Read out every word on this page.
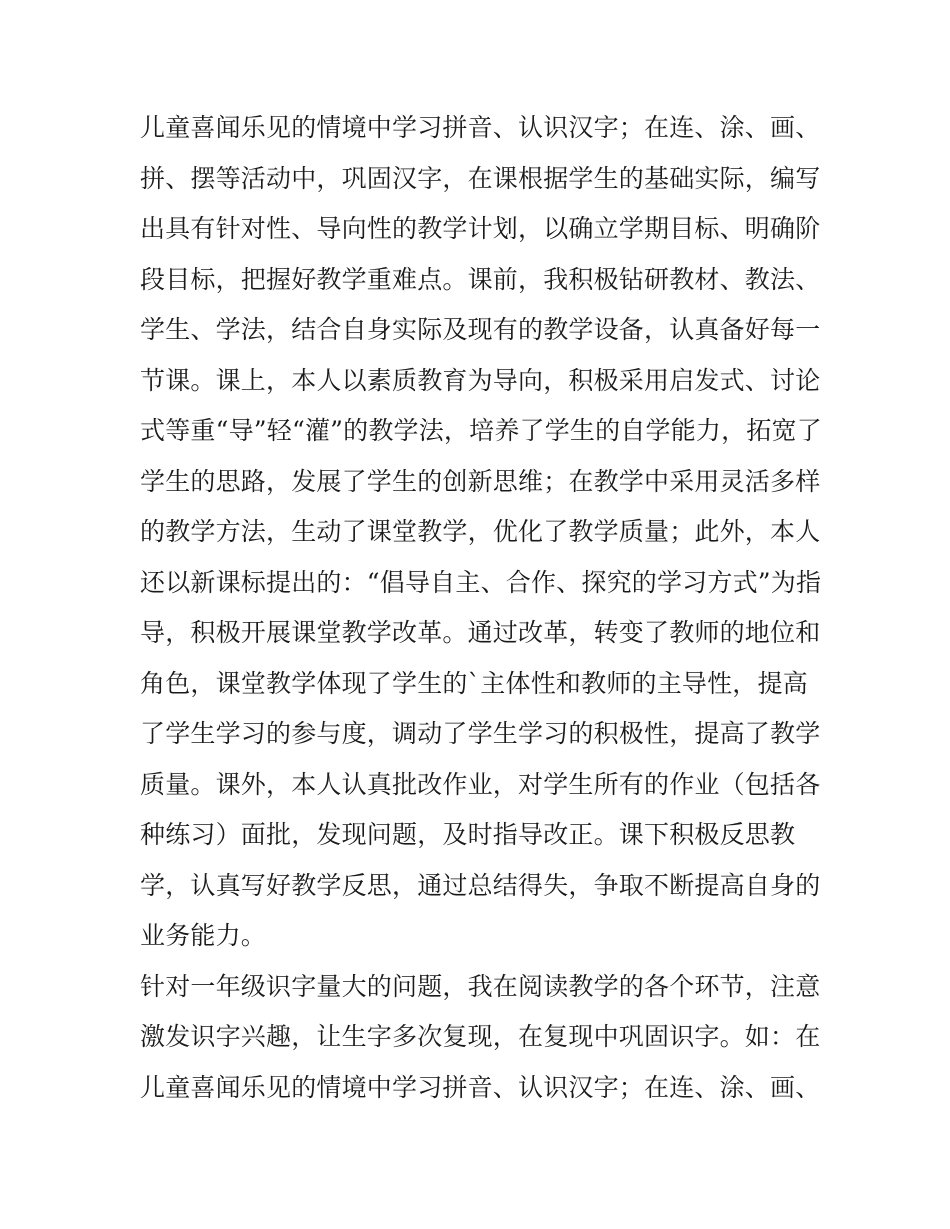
儿童喜闻乐见的情境中学习拼音、认识汉字；在连、涂、画、
拼、摆等活动中，巩固汉字，在课根据学生的基础实际，编写
出具有针对性、导向性的教学计划，以确立学期目标、明确阶
段目标，把握好教学重难点。课前，我积极钻研教材、教法、
学生、学法，结合自身实际及现有的教学设备，认真备好每一
节课。课上，本人以素质教育为导向，积极采用启发式、讨论
式等重“导”轻“灌”的教学法，培养了学生的自学能力，拓宽了
学生的思路，发展了学生的创新思维；在教学中采用灵活多样
的教学方法，生动了课堂教学，优化了教学质量；此外，本人
还以新课标提出的：“倡导自主、合作、探究的学习方式”为指
导，积极开展课堂教学改革。通过改革，转变了教师的地位和
角色，课堂教学体现了学生的`主体性和教师的主导性，提高
了学生学习的参与度，调动了学生学习的积极性，提高了教学
质量。课外，本人认真批改作业，对学生所有的作业（包括各
种练习）面批，发现问题，及时指导改正。课下积极反思教
学，认真写好教学反思，通过总结得失，争取不断提高自身的
业务能力。
针对一年级识字量大的问题，我在阅读教学的各个环节，注意
激发识字兴趣，让生字多次复现，在复现中巩固识字。如：在
儿童喜闻乐见的情境中学习拼音、认识汉字；在连、涂、画、
